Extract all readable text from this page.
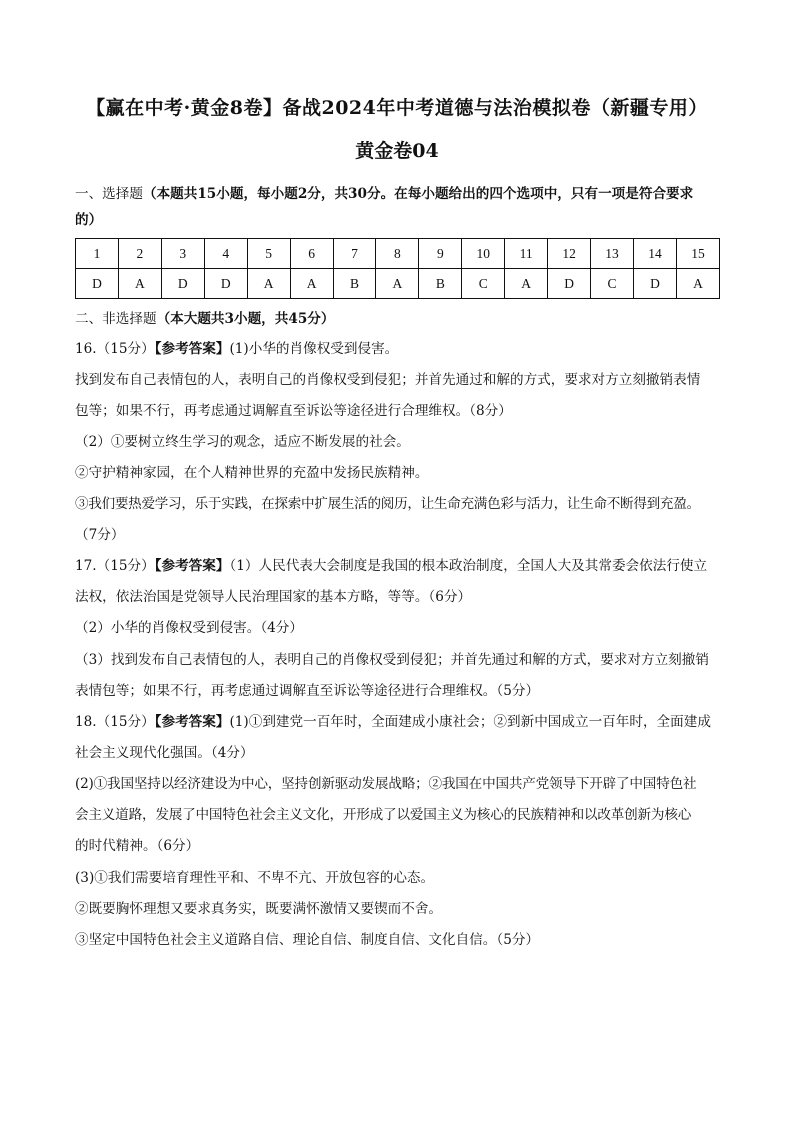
【赢在中考·黄金8卷】备战2024年中考道德与法治模拟卷（新疆专用）
黄金卷04
一、选择题（本题共15小题，每小题2分，共30分。在每小题给出的四个选项中，只有一项是符合要求
的）
1	2	3	4	5	6	7	8	9	10	11	12	13	14	15
D	A	D	D	A	A	B	A	B	C	A	D	C	D	A
二、非选择题（本大题共3小题，共45分）
16.（15分）【参考答案】(1)小华的肖像权受到侵害。
找到发布自己表情包的人，表明自己的肖像权受到侵犯；并首先通过和解的方式，要求对方立刻撤销表情
包等；如果不行，再考虑通过调解直至诉讼等途径进行合理维权。（8分）
（2）①要树立终生学习的观念，适应不断发展的社会。
②守护精神家园，在个人精神世界的充盈中发扬民族精神。
③我们要热爱学习，乐于实践，在探索中扩展生活的阅历，让生命充满色彩与活力，让生命不断得到充盈。
（7分）
17.（15分）【参考答案】（1）人民代表大会制度是我国的根本政治制度，全国人大及其常委会依法行使立
法权，依法治国是党领导人民治理国家的基本方略，等等。（6分）
（2）小华的肖像权受到侵害。（4分）
（3）找到发布自己表情包的人，表明自己的肖像权受到侵犯；并首先通过和解的方式，要求对方立刻撤销
表情包等；如果不行，再考虑通过调解直至诉讼等途径进行合理维权。（5分）
18.（15分）【参考答案】(1)①到建党一百年时，全面建成小康社会；②到新中国成立一百年时，全面建成
社会主义现代化强国。（4分）
(2)①我国坚持以经济建设为中心，坚持创新驱动发展战略；②我国在中国共产党领导下开辟了中国特色社
会主义道路，发展了中国特色社会主义文化，开形成了以爱国主义为核心的民族精神和以改革创新为核心
的时代精神。（6分）
(3)①我们需要培育理性平和、不卑不亢、开放包容的心态。
②既要胸怀理想又要求真务实，既要满怀激情又要锲而不舍。
③坚定中国特色社会主义道路自信、理论自信、制度自信、文化自信。（5分）
